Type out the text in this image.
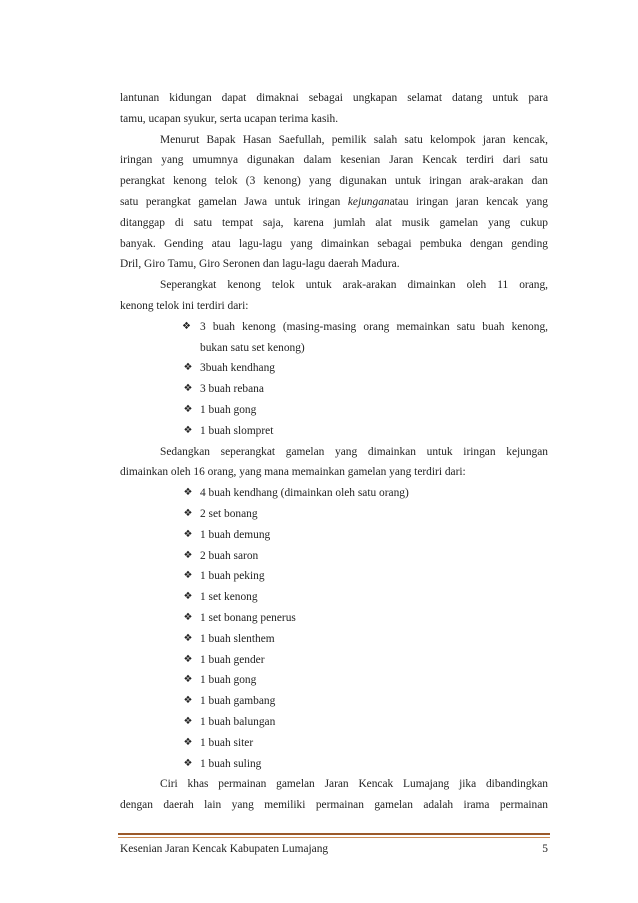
lantunan kidungan dapat dimaknai sebagai ungkapan selamat datang untuk para
tamu, ucapan syukur, serta ucapan terima kasih.
Menurut Bapak Hasan Saefullah, pemilik salah satu kelompok jaran kencak,
iringan yang umumnya digunakan dalam kesenian Jaran Kencak terdiri dari satu
perangkat kenong telok (3 kenong) yang digunakan untuk iringan arak-arakan dan
satu perangkat gamelan Jawa untuk iringan kejunganatau iringan jaran kencak yang
ditanggap di satu tempat saja, karena jumlah alat musik gamelan yang cukup
banyak. Gending atau lagu-lagu yang dimainkan sebagai pembuka dengan gending
Dril, Giro Tamu, Giro Seronen dan lagu-lagu daerah Madura.
Seperangkat kenong telok untuk arak-arakan dimainkan oleh 11 orang,
kenong telok ini terdiri dari:
❖ 3 buah kenong (masing-masing orang memainkan satu buah kenong,
bukan satu set kenong)
❖ 3buah kendhang
❖ 3 buah rebana
❖ 1 buah gong
❖ 1 buah slompret
Sedangkan seperangkat gamelan yang dimainkan untuk iringan kejungan
dimainkan oleh 16 orang, yang mana memainkan gamelan yang terdiri dari:
❖ 4 buah kendhang (dimainkan oleh satu orang)
❖ 2 set bonang
❖ 1 buah demung
❖ 2 buah saron
❖ 1 buah peking
❖ 1 set kenong
❖ 1 set bonang penerus
❖ 1 buah slenthem
❖ 1 buah gender
❖ 1 buah gong
❖ 1 buah gambang
❖ 1 buah balungan
❖ 1 buah siter
❖ 1 buah suling
Ciri khas permainan gamelan Jaran Kencak Lumajang jika dibandingkan
dengan daerah lain yang memiliki permainan gamelan adalah irama permainan
Kesenian Jaran Kencak Kabupaten Lumajang	5
